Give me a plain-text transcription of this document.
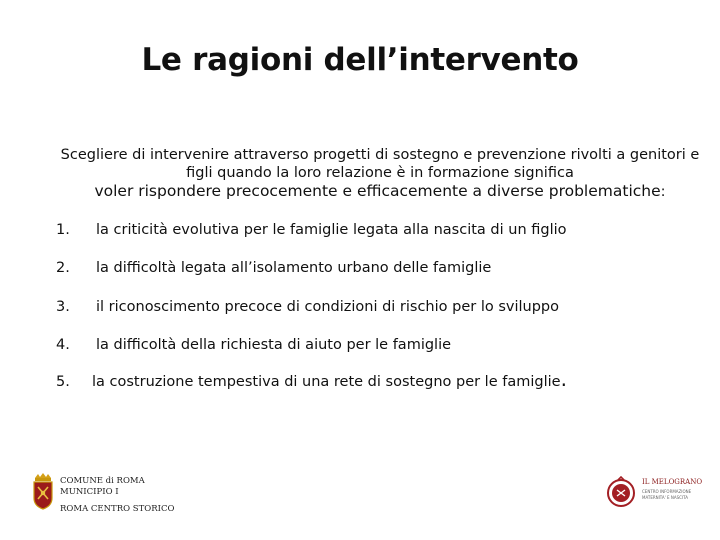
Le ragioni dell’intervento
Scegliere di intervenire attraverso progetti di sostegno e prevenzione rivolti a genitori e
figli quando la loro relazione è in formazione significa
voler rispondere precocemente e efficacemente a diverse problematiche:
1. la criticità evolutiva per le famiglie legata alla nascita di un figlio
2. la difficoltà legata all’isolamento urbano delle famiglie
3. il riconoscimento precoce di condizioni di rischio per lo sviluppo
4. la difficoltà della richiesta di aiuto per le famiglie
5. la costruzione tempestiva di una rete di sostegno per le famiglie.
COMUNE di ROMA
MUNICIPIO I
ROMA CENTRO STORICO
IL MELOGRANO
CENTRO INFORMAZIONE
MATERNITA' E NASCITA
